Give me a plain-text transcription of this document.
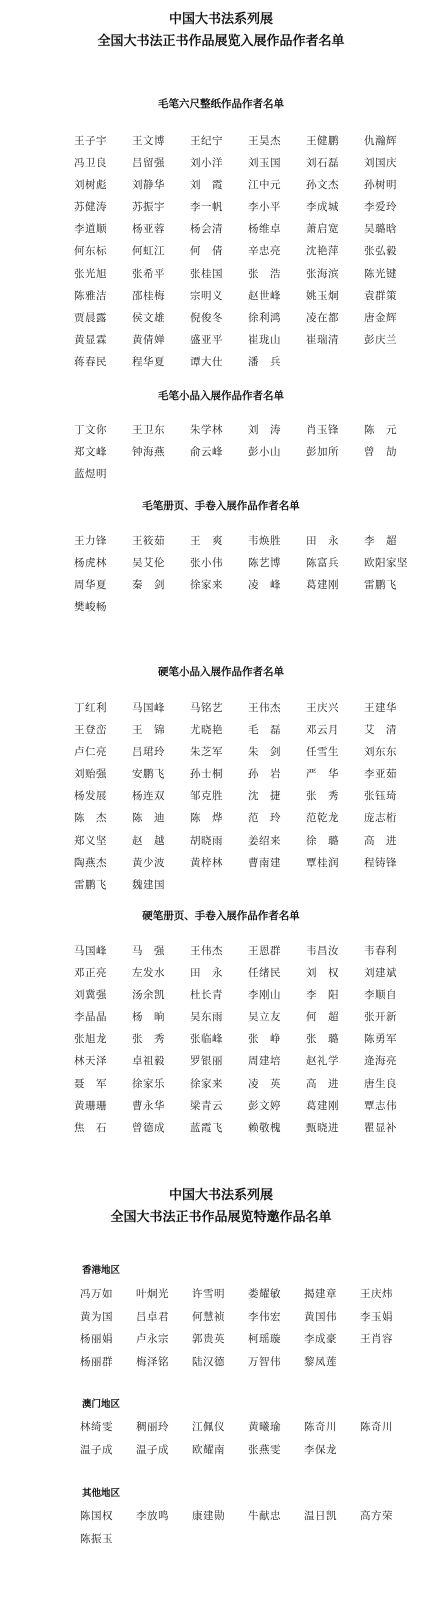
中国大书法系列展
全国大书法正书作品展览入展作品作者名单
毛笔六尺整纸作品作者名单
王子宇	王文博	王纪宁	王昊杰	王健鹏	仇瀚辉
冯卫良	吕留强	刘小洋	刘玉国	刘石磊	刘国庆
刘树彪	刘静华	刘　霞	江中元	孙文杰	孙树明
苏健涛	苏振宇	李一帆	李小平	李成城	李爱玲
李道顺	杨亚蓉	杨会清	杨维卓	萧启宽	吴璐晗
何东标	何虹江	何　倩	辛忠亮	沈艳萍	张弘毅
张光旭	张希平	张桂国	张　浩	张海滨	陈光键
陈雅洁	邵桂梅	宗明义	赵世峰	姚玉炯	袁群策
贾晨露	侯文雄	倪俊冬	徐利鸿	凌在都	唐金辉
黄显霖	黄倩婵	盛亚平	崔珑山	崔瑞清	彭庆兰
蒋春民	程华夏	谭大仕	潘　兵
毛笔小品入展作品作者名单
丁文你	王卫东	朱学林	刘　涛	肖玉锋	陈　元
郑文峰	钟海燕	俞云峰	彭小山	彭加所	曾　劼
蓝煜明
毛笔册页、手卷入展作品作者名单
王力锋	王筱茹	王　爽	韦焕胜	田　永	李　超
杨虎林	吴艾伦	张小伟	陈艺博	陈富兵	欧阳家坚
周华夏	秦　剑	徐家来	凌　峰	葛建刚	雷鹏飞
樊峻畅
硬笔小品入展作品作者名单
丁红利	马国峰	马铭艺	王伟杰	王庆兴	王建华
王登峦	王　锦	尤晓艳	毛　磊	邓云月	艾　清
卢仁亮	吕珺玲	朱芝军	朱　剑	任雪生	刘东东
刘贻强	安鹏飞	孙士桐	孙　岩	严　华	李亚茹
杨发展	杨连双	邹克胜	沈　捷	张　秀	张钰琦
陈　杰	陈　迪	陈　烨	范　玲	范乾龙	庞志桁
郑义坚	赵　越	胡晓雨	姜绍来	徐　璐	高　进
陶燕杰	黄少波	黄梓林	曹南建	覃桂润	程铸锋
雷鹏飞	魏建国
硬笔册页、手卷入展作品作者名单
马国峰	马　强	王伟杰	王恩群	韦昌汝	韦春利
邓正亮	左发水	田　永	任绪民	刘　权	刘建斌
刘冀强	汤余凯	杜长青	李刚山	李　阳	李顺自
李晶晶	杨　晌	吴东雨	吴立友	何　超	张开新
张旭龙	张　秀	张临峰	张　峥	张　璐	陈勇军
林天泽	卓祖毅	罗银丽	周建培	赵礼学	逄海亮
聂　军	徐家乐	徐家来	凌　英	高　进	唐生良
黄珊珊	曹永华	梁青云	彭文婷	葛建刚	覃志伟
焦　石	曾德成	蓝霞飞	赖敬槐	甄晓进	瞿显补
中国大书法系列展
全国大书法正书作品展览特邀作品名单
香港地区
冯万如	叶炯光	许雪明	娄耀敏	揭建章	王庆炜
黄为国	吕卓君	何慧祯	李伟宏	黄国伟	李玉娟
杨丽娟	卢永宗	郭贵英	柯瑶璇	李成豪	王肖容
杨丽群	梅泽铭	陆汉德	万智伟	黎凤莲
澳门地区
林绮雯	稠丽玲	江佩仪	黄曦瑜	陈奇川	陈奇川
温子成	温子成	欧耀南	张燕雯	李保龙
其他地区
陈国权	李放鸣	康建勋	牛献忠	温日凯	高方荣
陈振玉
